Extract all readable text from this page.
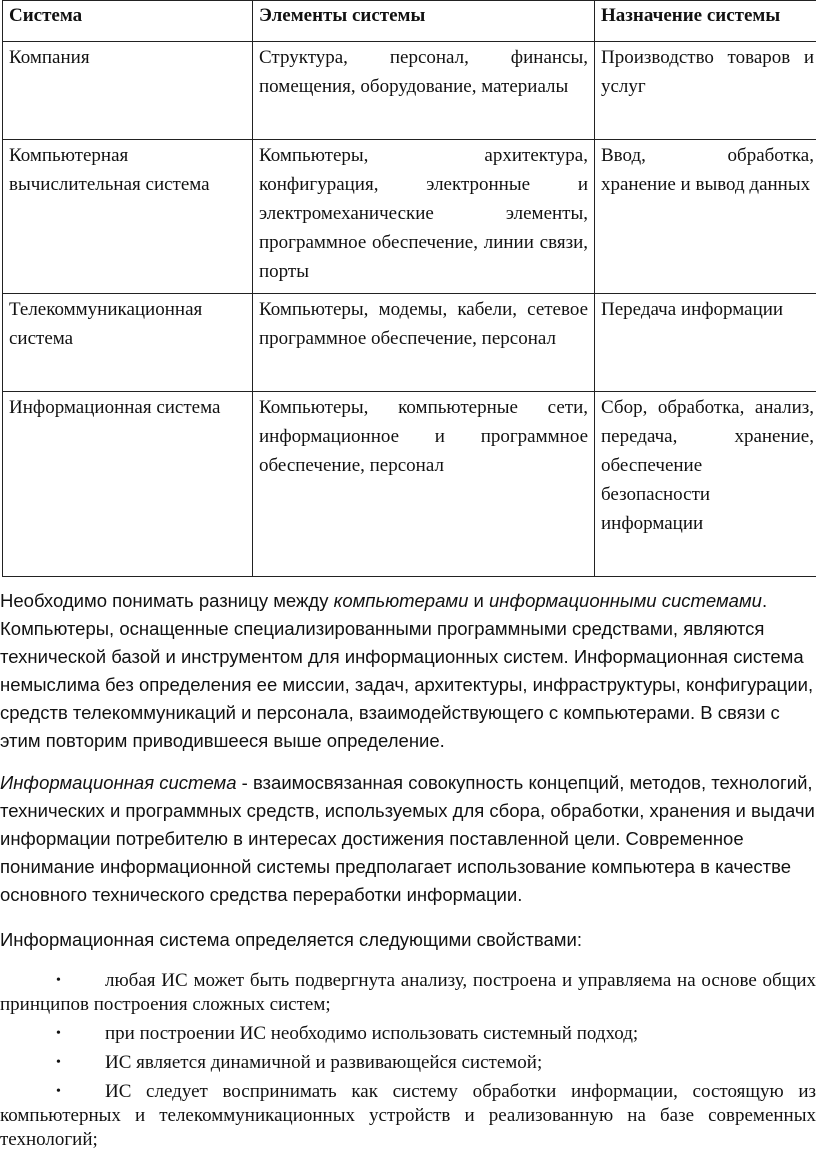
Система	Элементы системы	Назначение системы
Компания	Структура, персонал, финансы, помещения, оборудование, материалы	Производство товаров и услуг
Компьютерная вычислительная система	Компьютеры, архитектура, конфигурация, электронные и электромеханические элементы, программное обеспечение, линии связи, порты	Ввод, обработка, хранение и вывод данных
Телекоммуникационная система	Компьютеры, модемы, кабели, сетевое программное обеспечение, персонал	Передача информации
Информационная система	Компьютеры, компьютерные сети, информационное и программное обеспечение, персонал	Сбор, обработка, анализ, передача, хранение, обеспечение безопасности информации

Необходимо понимать разницу между компьютерами и информационными системами. Компьютеры, оснащенные специализированными программными средствами, являются технической базой и инструментом для информационных систем. Информационная система немыслима без определения ее миссии, задач, архитектуры, инфраструктуры, конфигурации, средств телекоммуникаций и персонала, взаимодействующего с компьютерами. В связи с этим повторим приводившееся выше определение.

Информационная система - взаимосвязанная совокупность концепций, методов, технологий, технических и программных средств, используемых для сбора, обработки, хранения и выдачи информации потребителю в интересах достижения поставленной цели. Современное понимание информационной системы предполагает использование компьютера в качестве основного технического средства переработки информации.

Информационная система определяется следующими свойствами:

• любая ИС может быть подвергнута анализу, построена и управляема на основе общих принципов построения сложных систем;
• при построении ИС необходимо использовать системный подход;
• ИС является динамичной и развивающейся системой;
• ИС следует воспринимать как систему обработки информации, состоящую из компьютерных и телекоммуникационных устройств и реализованную на базе современных технологий;
